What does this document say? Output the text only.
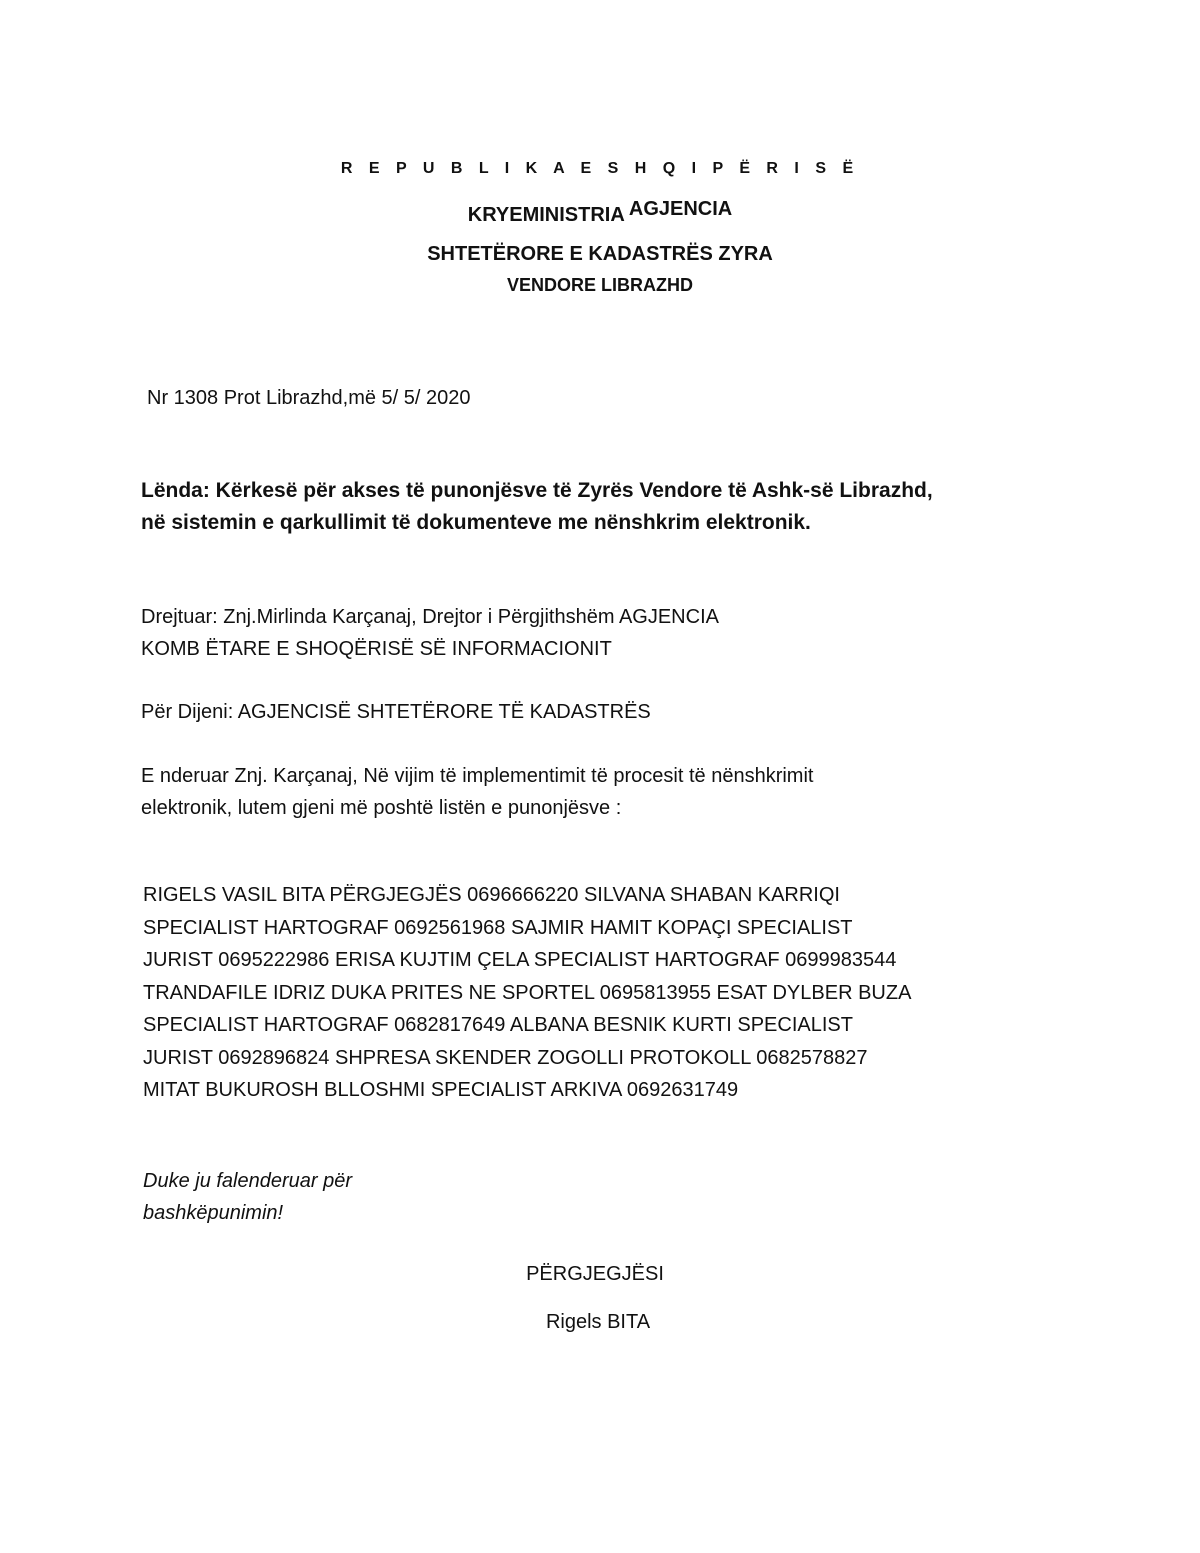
R E P U B L I K A E S H Q I P Ë R I S Ë
KRYEMINISTRIA AGJENCIA
SHTETËRORE E KADASTRËS ZYRA
VENDORE LIBRAZHD
Nr 1308 Prot Librazhd,më 5/ 5/ 2020
Lënda: Kërkesë për akses të punonjësve të Zyrës Vendore të Ashk-së Librazhd, në sistemin e qarkullimit të dokumenteve me nënshkrim elektronik.
Drejtuar: Znj.Mirlinda Karçanaj, Drejtor i Përgjithshëm AGJENCIA
KOMB ËTARE E SHOQËRISË SË INFORMACIONIT
Për Dijeni: AGJENCISË SHTETËRORE TË KADASTRËS
E nderuar Znj. Karçanaj, Në vijim të implementimit të procesit të nënshkrimit
elektronik, lutem gjeni më poshtë listën e punonjësve :
RIGELS VASIL BITA PËRGJEGJËS 0696666220 SILVANA SHABAN KARRIQI
SPECIALIST HARTOGRAF 0692561968 SAJMIR HAMIT KOPAÇI SPECIALIST
JURIST 0695222986 ERISA KUJTIM ÇELA SPECIALIST HARTOGRAF 0699983544
TRANDAFILE IDRIZ DUKA PRITES NE SPORTEL 0695813955 ESAT DYLBER BUZA
SPECIALIST HARTOGRAF 0682817649 ALBANA BESNIK KURTI SPECIALIST
JURIST 0692896824 SHPRESA SKENDER ZOGOLLI PROTOKOLL 0682578827
MITAT BUKUROSH BLLOSHMI SPECIALIST ARKIVA 0692631749
Duke ju falenderuar për
bashkëpunimin!
PËRGJEGJËSI
Rigels BITA
